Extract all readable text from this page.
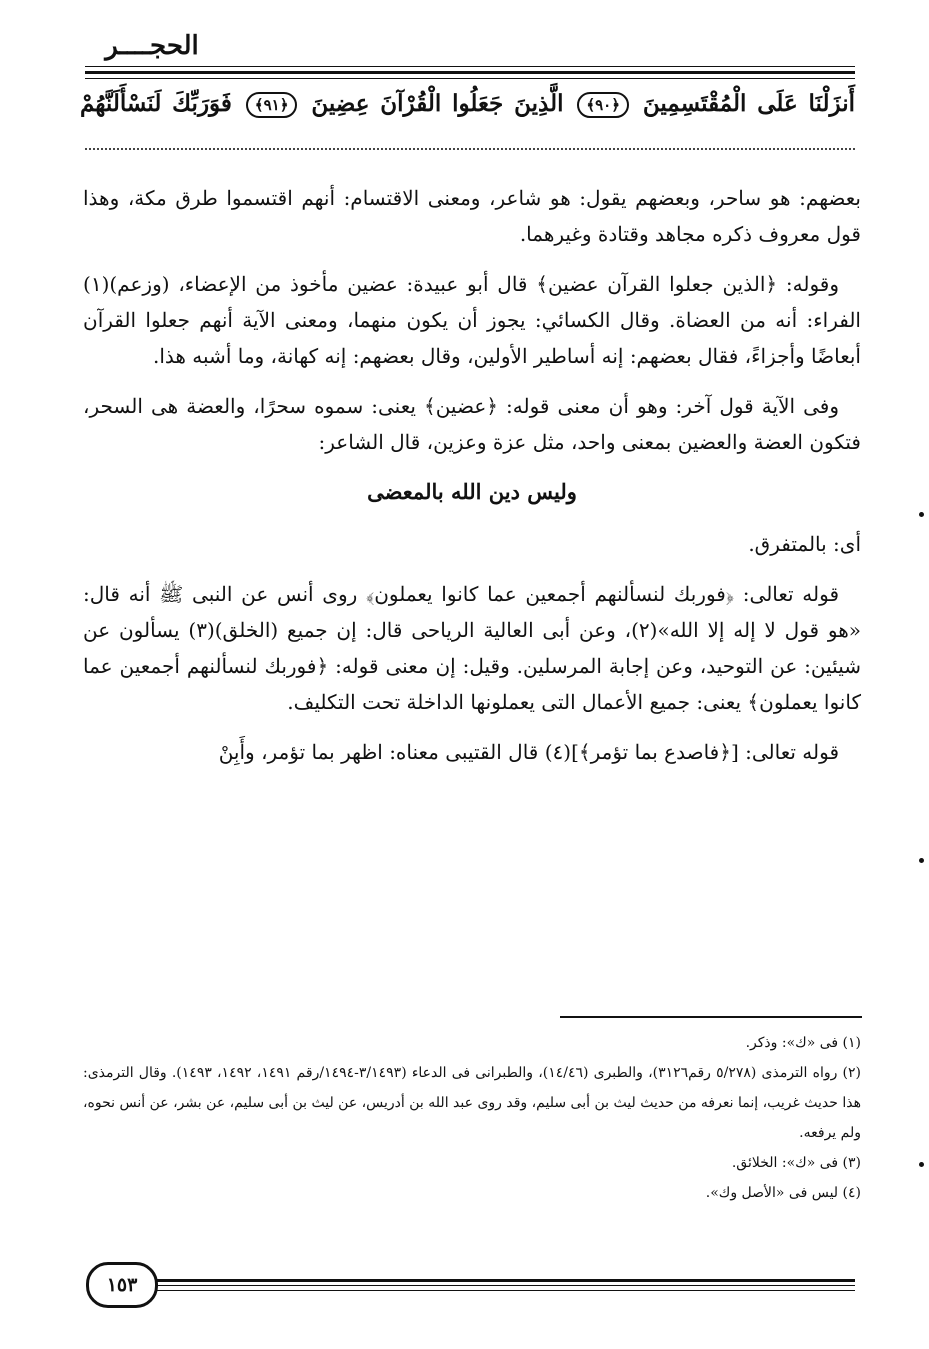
الحجــــر
أَنزَلْنَا عَلَى الْمُقْتَسِمِينَ ﴿٩٠﴾ الَّذِينَ جَعَلُوا الْقُرْآنَ عِضِينَ ﴿٩١﴾ فَوَرَبِّكَ لَنَسْأَلَنَّهُمْ

بعضهم: هو ساحر، وبعضهم يقول: هو شاعر، ومعنى الاقتسام: أنهم اقتسموا طرق مكة، وهذا قول معروف ذكره مجاهد وقتادة وغيرهما.

وقوله: ﴿الذين جعلوا القرآن عضين﴾ قال أبو عبيدة: عضين مأخوذ من الإعضاء، (وزعم)(١) الفراء: أنه من العضاة. وقال الكسائي: يجوز أن يكون منهما، ومعنى الآية أنهم جعلوا القرآن أبعاضًا وأجزاءً، فقال بعضهم: إنه أساطير الأولين، وقال بعضهم: إنه كهانة، وما أشبه هذا.

وفى الآية قول آخر: وهو أن معنى قوله: ﴿عضين﴾ يعنى: سموه سحرًا، والعضة هى السحر، فتكون العضة والعضين بمعنى واحد، مثل عزة وعزين، قال الشاعر:

وليس دين الله بالمعضى

أى: بالمتفرق.

قوله تعالى: ﴿فوربك لنسألنهم أجمعين عما كانوا يعملون﴾ روى أنس عن النبى ﷺ أنه قال: «هو قول لا إله إلا الله»(٢)، وعن أبى العالية الرياحى قال: إن جميع (الخلق)(٣) يسألون عن شيئين: عن التوحيد، وعن إجابة المرسلين. وقيل: إن معنى قوله: ﴿فوربك لنسألنهم أجمعين عما كانوا يعملون﴾ يعنى: جميع الأعمال التى يعملونها الداخلة تحت التكليف.

قوله تعالى: [﴿فاصدع بما تؤمر﴾](٤) قال القتيبى معناه: اظهر بما تؤمر، وأَبِنْ

(١) فى «ك»: وذكر.

(٢) رواه الترمذى (٥/٢٧٨ رقم٣١٢٦)، والطبرى (١٤/٤٦)، والطبرانى فى الدعاء (٣/١٤٩٣-١٤٩٤/رقم ١٤٩١، ١٤٩٢، ١٤٩٣). وقال الترمذى: هذا حديث غريب، إنما نعرفه من حديث ليث بن أبى سليم، وقد روى عبد الله بن أدريس، عن ليث بن أبى سليم، عن بشر، عن أنس نحوه، ولم يرفعه.

(٣) فى «ك»: الخلائق.

(٤) ليس فى «الأصل وك».

١٥٣
